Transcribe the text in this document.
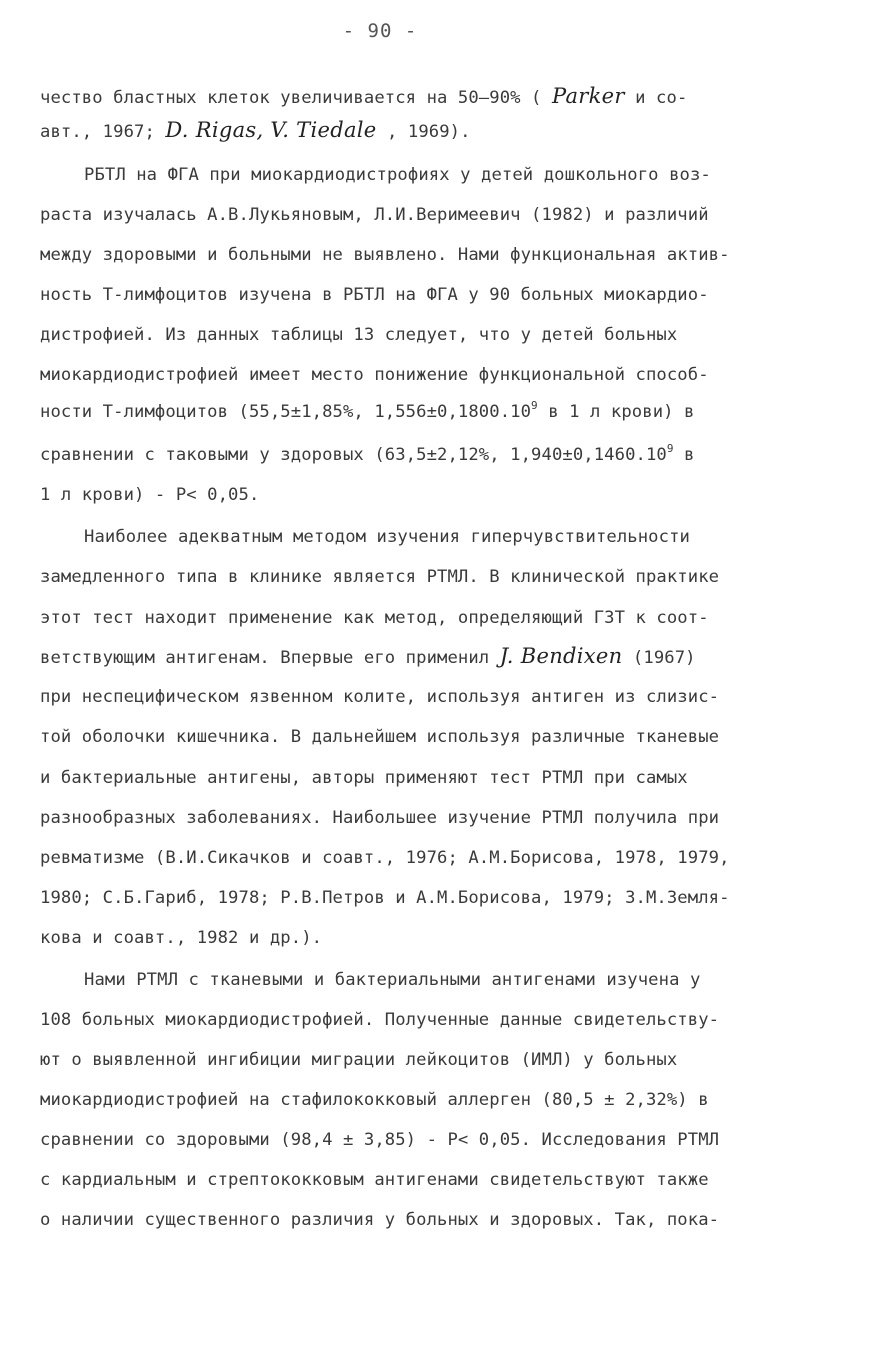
- 90 -
чество бластных клеток увеличивается на 50–90% ( Parker и со-
авт., 1967; D. Rigas, V. Tiedale , 1969).
РБТЛ на ФГА при миокардиодистрофиях у детей дошкольного воз-
раста изучалась А.В.Лукьяновым, Л.И.Веримеевич (1982) и различий
между здоровыми и больными не выявлено. Нами функциональная актив-
ность Т-лимфоцитов изучена в РБТЛ на ФГА у 90 больных миокардио-
дистрофией. Из данных таблицы 13 следует, что у детей больных
миокардиодистрофией имеет место понижение функциональной способ-
ности Т-лимфоцитов (55,5±1,85%, $1,556\pm 0,1800.10^9$ в 1 л крови) в
сравнении с таковыми у здоровых (63,5±2,12%, $1,940\pm 0,1460.10^9$ в
1 л крови) - P< 0,05.
Наиболее адекватным методом изучения гиперчувствительности
замедленного типа в клинике является РТМЛ. В клинической практике
этот тест находит применение как метод, определяющий ГЗТ к соот-
ветствующим антигенам. Впервые его применил J. Bendixen (1967)
при неспецифическом язвенном колите, используя антиген из слизис-
той оболочки кишечника. В дальнейшем используя различные тканевые
и бактериальные антигены, авторы применяют тест РТМЛ при самых
разнообразных заболеваниях. Наибольшее изучение РТМЛ получила при
ревматизме (В.И.Сикачков и соавт., 1976; А.М.Борисова, 1978, 1979,
1980; С.Б.Гариб, 1978; Р.В.Петров и А.М.Борисова, 1979; З.М.Земля-
кова и соавт., 1982 и др.).
Нами РТМЛ с тканевыми и бактериальными антигенами изучена у
108 больных миокардиодистрофией. Полученные данные свидетельству-
ют о выявленной ингибиции миграции лейкоцитов (ИМЛ) у больных
миокардиодистрофией на стафилококковый аллерген (80,5 ± 2,32%) в
сравнении со здоровыми (98,4 ± 3,85) - P< 0,05. Исследования РТМЛ
с кардиальным и стрептококковым антигенами свидетельствуют также
о наличии существенного различия у больных и здоровых. Так, пока-
